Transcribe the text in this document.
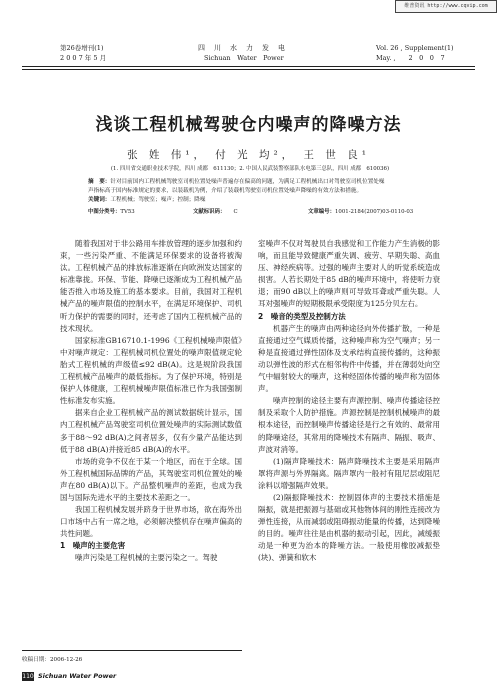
维普资讯 http://www.cqvip.com
第26卷增刊(1)
2 0 0 7 年 5 月
四　川　水　力　发　电
Sichuan　Water　Power
Vol. 26 , Supplement(1)
May. ,　　2　0　0　7
浅谈工程机械驾驶仓内噪声的降噪方法
张 姓 伟¹， 付 光 均²， 王 世 良¹
(1. 四川省交通职业技术学院，四川 成都　611130；2. 中国人民武装警察部队水电第三总队，四川 成都　610036)
摘　要：针对目前国内工程机械驾驶室司机位置处噪声普遍存在偏高的问题，为满足工程机械出口对驾驶室司机位置处噪
声指标高于国内标准规定的要求，以装载机为例，介绍了装载机驾驶室司机位置处噪声降噪的有效方法和措施。
关键词：工程机械；驾驶室；噪声；控制；降噪
中图分类号：TV53	文献标识码：　　 C	文章编号：1001-2184(2007)03-0110-03

随着我国对于非公路用车排放管理的逐步加强和约束，一些污染严重、不能满足环保要求的设备将被淘汰。工程机械产品的排放标准逐渐在向欧洲发达国家的标准靠拢。环保、节能、降噪已逐渐成为工程机械产品能否推入市场及施工的基本要求。目前，我国对工程机械产品的噪声限值的控制水平，在满足环境保护、司机听力保护的需要的同时，还考虑了国内工程机械产品的技术现状。

国家标准GB16710.1-1996《工程机械噪声限值》中对噪声规定：工程机械司机位置处的噪声限值规定轮胎式工程机械的声级值≤92 dB(A)。这是规阶段我国工程机械产品噪声的最低指标。为了保护环境，特别是保护人体健康，工程机械噪声限值标准已作为我国强制性标准发布实施。

据来自企业工程机械产品的测试数据统计显示，国内工程机械产品驾驶室司机位置处噪声的实际测试数值多于88～92 dB(A)之间者居多，仅有少量产品能达到低于88 dB(A)并接近85 dB(A)的水平。

市场的竞争不仅在于某一个地区，而在于全球。国外工程机械国际品牌的产品，其驾驶室司机位置处的噪声在80 dB(A)以下。产品整机噪声的差距，也成为我国与国际先进水平的主要技术差距之一。

我国工程机械发展并跻身于世界市场，欲在海外出口市场中占有一席之地，必须解决整机存在噪声偏高的共性问题。

1　噪声的主要危害

噪声污染是工程机械的主要污染之一。驾驶

室噪声不仅对驾驶员自我感觉和工作能力产生消极的影响，而且能导致健康严重失调、疲劳、早期失聪、高血压、神经疾病等。过强的噪声主要对人的听觉系统造成损害。人若长期处于85 dB的噪声环境中，将使听力衰退；而90 dB以上的噪声则可导致耳聋或严重失聪。人耳对强噪声的短期极限承受限度为125分贝左右。

2　噪音的类型及控制方法

机器产生的噪声由两种途径向外传播扩散，一种是直接通过空气媒质传播，这种噪声称为空气噪声；另一种是直接通过弹性固体及支承结构直接传播的，这种振动以弹性波的形式在相邻构件中传播，并在薄弱处向空气中辐射较大的噪声，这种经固体传播的噪声称为固体声。

噪声控制的途径主要有声源控制、噪声传播途径控制及采取个人防护措施。声源控制是控制机械噪声的最根本途径，而控制噪声传播途径是行之有效的、最常用的降噪途径，其常用的降噪技术有隔声、隔振、吸声、声波对消等。

(1)隔声降噪技术：隔声降噪技术主要是采用隔声罩将声源与外界隔离。隔声罩内一般衬有阻尼层或阻尼涂料以增强隔声效果。

(2)隔振降噪技术：控制固体声的主要技术措施是隔振，就是把振源与基础或其他物体间的刚性连接改为弹性连接，从而减弱或阻碍振动能量的传播，达到降噪的目的。噪声往往是由机器的振动引起，因此，减缓振动是一种更为治本的降噪方法。一般使用橡胶减振垫(块)、弹簧和软木

收稿日期：2006-12-26
110 Sichuan Water Power
